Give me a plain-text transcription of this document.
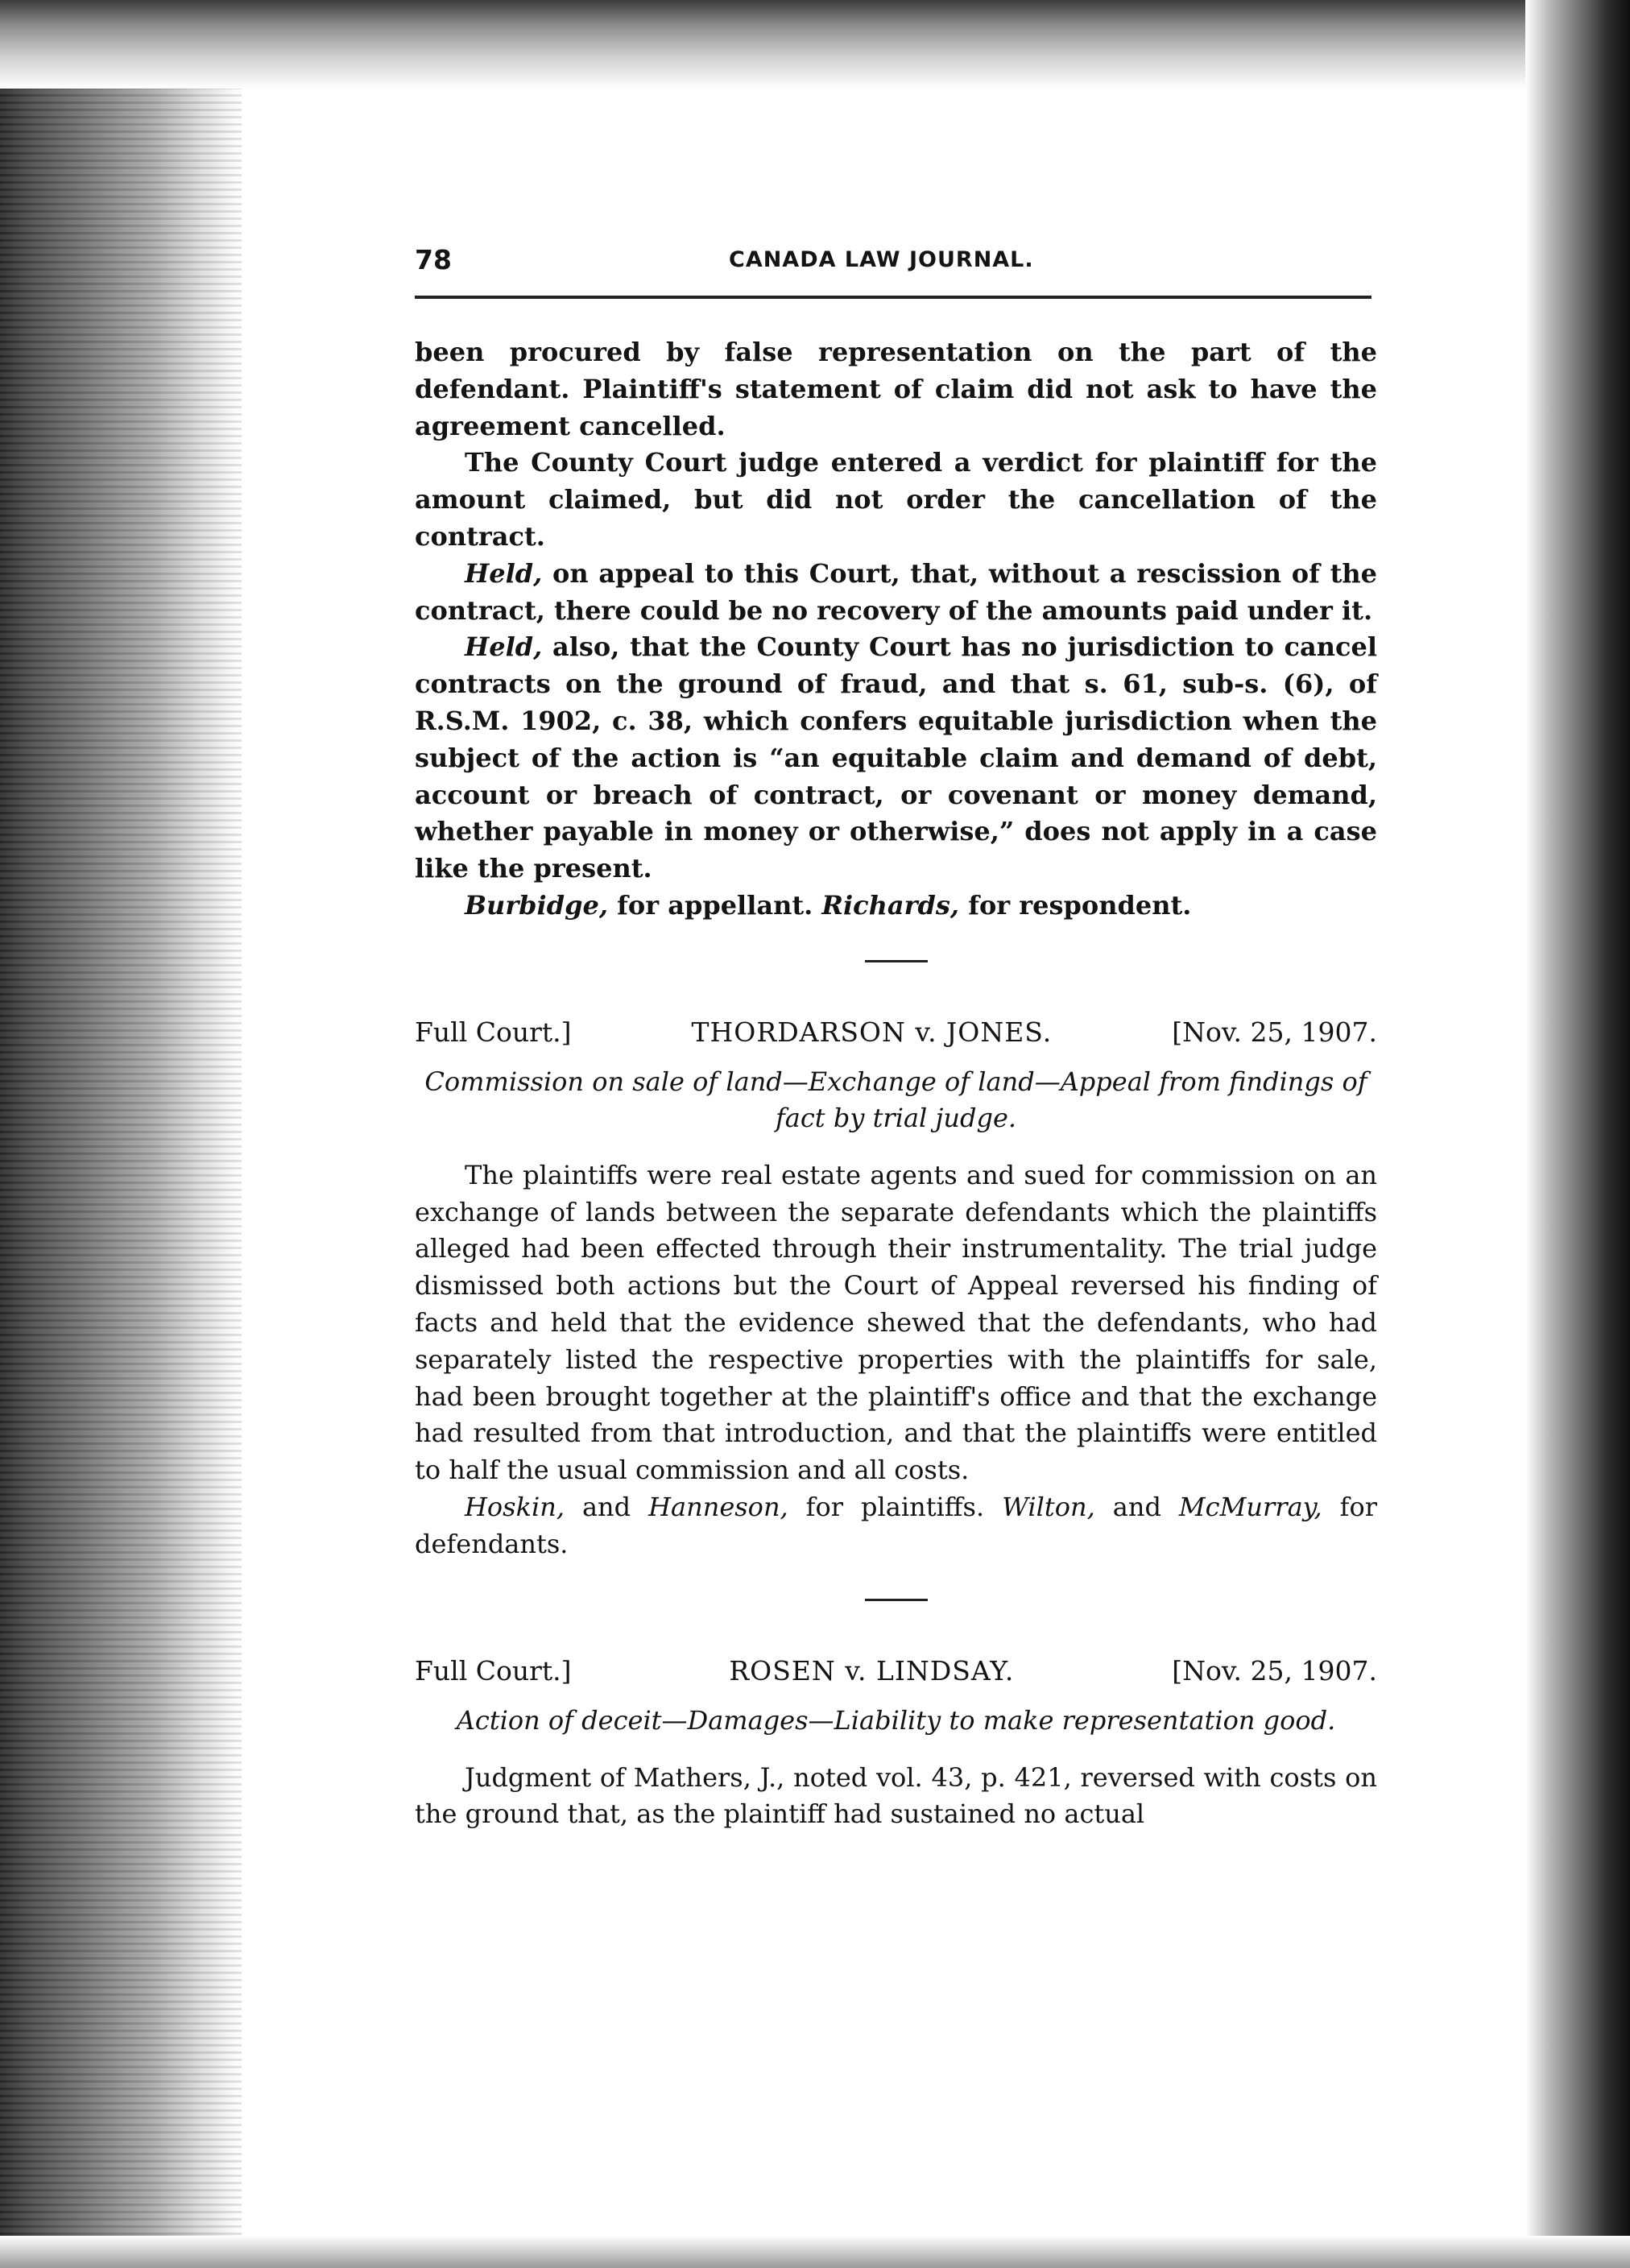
78	CANADA LAW JOURNAL.

been procured by false representation on the part of the defendant. Plaintiff's statement of claim did not ask to have the agreement cancelled.

The County Court judge entered a verdict for plaintiff for the amount claimed, but did not order the cancellation of the contract.

Held, on appeal to this Court, that, without a rescission of the contract, there could be no recovery of the amounts paid under it.

Held, also, that the County Court has no jurisdiction to cancel contracts on the ground of fraud, and that s. 61, sub-s. (6), of R.S.M. 1902, c. 38, which confers equitable jurisdiction when the subject of the action is “an equitable claim and demand of debt, account or breach of contract, or covenant or money demand, whether payable in money or otherwise,” does not apply in a case like the present.

Burbidge, for appellant. Richards, for respondent.

Full Court.]	THORDARSON v. JONES.	[Nov. 25, 1907.
Commission on sale of land—Exchange of land—Appeal from findings of fact by trial judge.

The plaintiffs were real estate agents and sued for commission on an exchange of lands between the separate defendants which the plaintiffs alleged had been effected through their instrumentality. The trial judge dismissed both actions but the Court of Appeal reversed his finding of facts and held that the evidence shewed that the defendants, who had separately listed the respective properties with the plaintiffs for sale, had been brought together at the plaintiff's office and that the exchange had resulted from that introduction, and that the plaintiffs were entitled to half the usual commission and all costs.

Hoskin, and Hanneson, for plaintiffs. Wilton, and McMurray, for defendants.

Full Court.]	ROSEN v. LINDSAY.	[Nov. 25, 1907.
Action of deceit—Damages—Liability to make representation good.

Judgment of Mathers, J., noted vol. 43, p. 421, reversed with costs on the ground that, as the plaintiff had sustained no actual
